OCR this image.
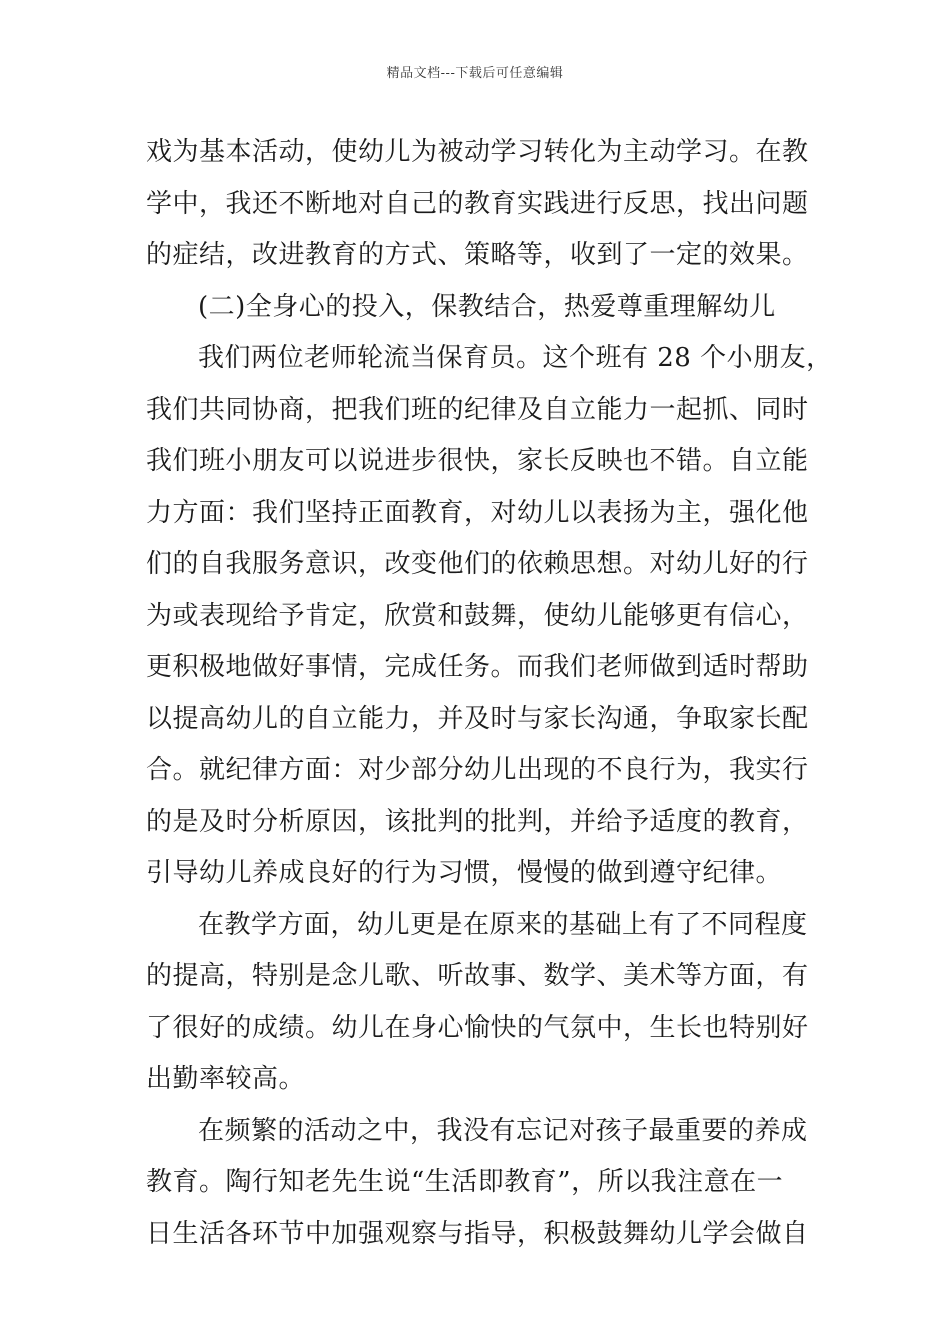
精品文档---下载后可任意编辑
戏为基本活动，使幼儿为被动学习转化为主动学习。在教
学中，我还不断地对自己的教育实践进行反思，找出问题
的症结，改进教育的方式、策略等，收到了一定的效果。
(二)全身心的投入，保教结合，热爱尊重理解幼儿
我们两位老师轮流当保育员。这个班有 28 个小朋友，
我们共同协商，把我们班的纪律及自立能力一起抓、同时
我们班小朋友可以说进步很快，家长反映也不错。自立能
力方面：我们坚持正面教育，对幼儿以表扬为主，强化他
们的自我服务意识，改变他们的依赖思想。对幼儿好的行
为或表现给予肯定，欣赏和鼓舞，使幼儿能够更有信心，
更积极地做好事情，完成任务。而我们老师做到适时帮助
以提高幼儿的自立能力，并及时与家长沟通，争取家长配
合。就纪律方面：对少部分幼儿出现的不良行为，我实行
的是及时分析原因，该批判的批判，并给予适度的教育，
引导幼儿养成良好的行为习惯，慢慢的做到遵守纪律。
在教学方面，幼儿更是在原来的基础上有了不同程度
的提高，特别是念儿歌、听故事、数学、美术等方面，有
了很好的成绩。幼儿在身心愉快的气氛中，生长也特别好
出勤率较高。
在频繁的活动之中，我没有忘记对孩子最重要的养成
教育。陶行知老先生说“生活即教育”，所以我注意在一
日生活各环节中加强观察与指导，积极鼓舞幼儿学会做自
